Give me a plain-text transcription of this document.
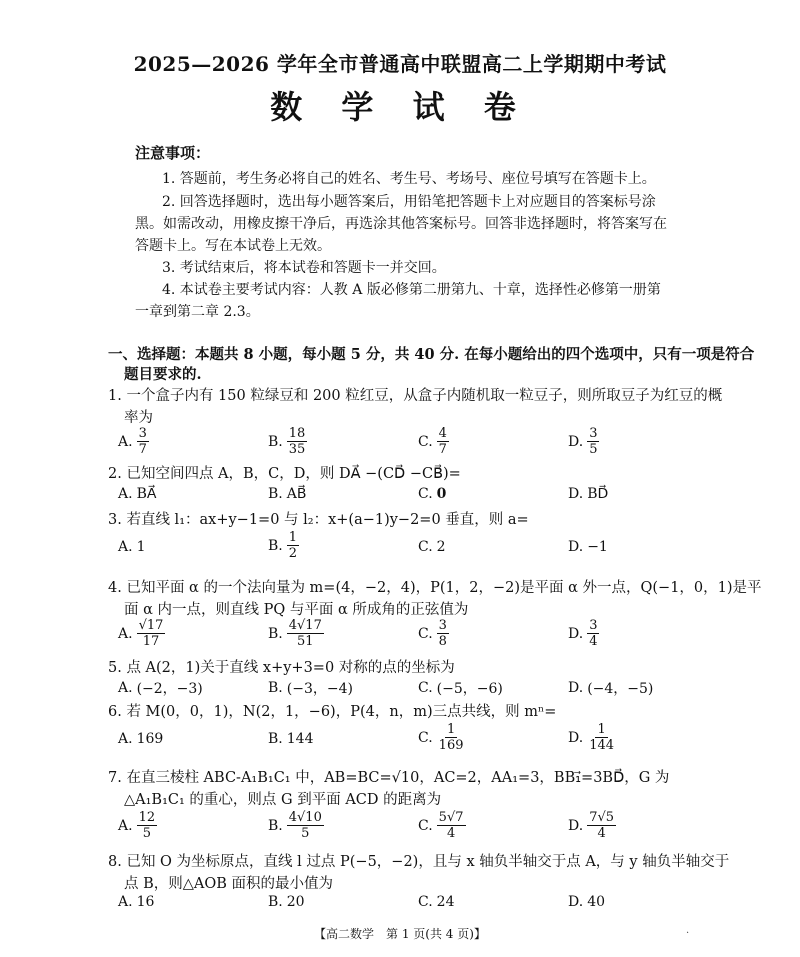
2025—2026 学年全市普通高中联盟高二上学期期中考试
数 学 试 卷
注意事项：
1. 答题前，考生务必将自己的姓名、考生号、考场号、座位号填写在答题卡上。
2. 回答选择题时，选出每小题答案后，用铅笔把答题卡上对应题目的答案标号涂
黑。如需改动，用橡皮擦干净后，再选涂其他答案标号。回答非选择题时，将答案写在
答题卡上。写在本试卷上无效。
3. 考试结束后，将本试卷和答题卡一并交回。
4. 本试卷主要考试内容：人教 A 版必修第二册第九、十章，选择性必修第一册第
一章到第二章 2.3。
一、选择题：本题共 8 小题，每小题 5 分，共 40 分. 在每小题给出的四个选项中，只有一项是符合
题目要求的.
1. 一个盒子内有 150 粒绿豆和 200 粒红豆，从盒子内随机取一粒豆子，则所取豆子为红豆的概
率为
A. $\frac{3}{7}$	B. $\frac{18}{35}$	C. $\frac{4}{7}$	D. $\frac{3}{5}$
2. 已知空间四点 A，B，C，D，则 DA⃗ −(CD⃗ −CB⃗)=
A. BA⃗	B. AB⃗	C. 0	D. BD⃗
3. 若直线 l₁：ax+y−1=0 与 l₂：x+(a−1)y−2=0 垂直，则 a=
A. 1	B. $\frac{1}{2}$	C. 2	D. −1
4. 已知平面 α 的一个法向量为 m=(4，−2，4)，P(1，2，−2)是平面 α 外一点，Q(−1，0，1)是平
面 α 内一点，则直线 PQ 与平面 α 所成角的正弦值为
A. $\frac{√17}{17}$	B. $\frac{4√17}{51}$	C. $\frac{3}{8}$	D. $\frac{3}{4}$
5. 点 A(2，1)关于直线 x+y+3=0 对称的点的坐标为
A. (−2，−3)	B. (−3，−4)	C. (−5，−6)	D. (−4，−5)
6. 若 M(0，0，1)，N(2，1，−6)，P(4，n，m)三点共线，则 mⁿ=
A. 169	B. 144	C. $\frac{1}{169}$	D. $\frac{1}{144}$
7. 在直三棱柱 ABC-A₁B₁C₁ 中，AB=BC=√10，AC=2，AA₁=3，BB₁⃗=3BD⃗，G 为
△A₁B₁C₁ 的重心，则点 G 到平面 ACD 的距离为
A. $\frac{12}{5}$	B. $\frac{4√10}{5}$	C. $\frac{5√7}{4}$	D. $\frac{7√5}{4}$
8. 已知 O 为坐标原点，直线 l 过点 P(−5，−2)，且与 x 轴负半轴交于点 A，与 y 轴负半轴交于
点 B，则△AOB 面积的最小值为
A. 16	B. 20	C. 24	D. 40
【高二数学　第 1 页(共 4 页)】	·
